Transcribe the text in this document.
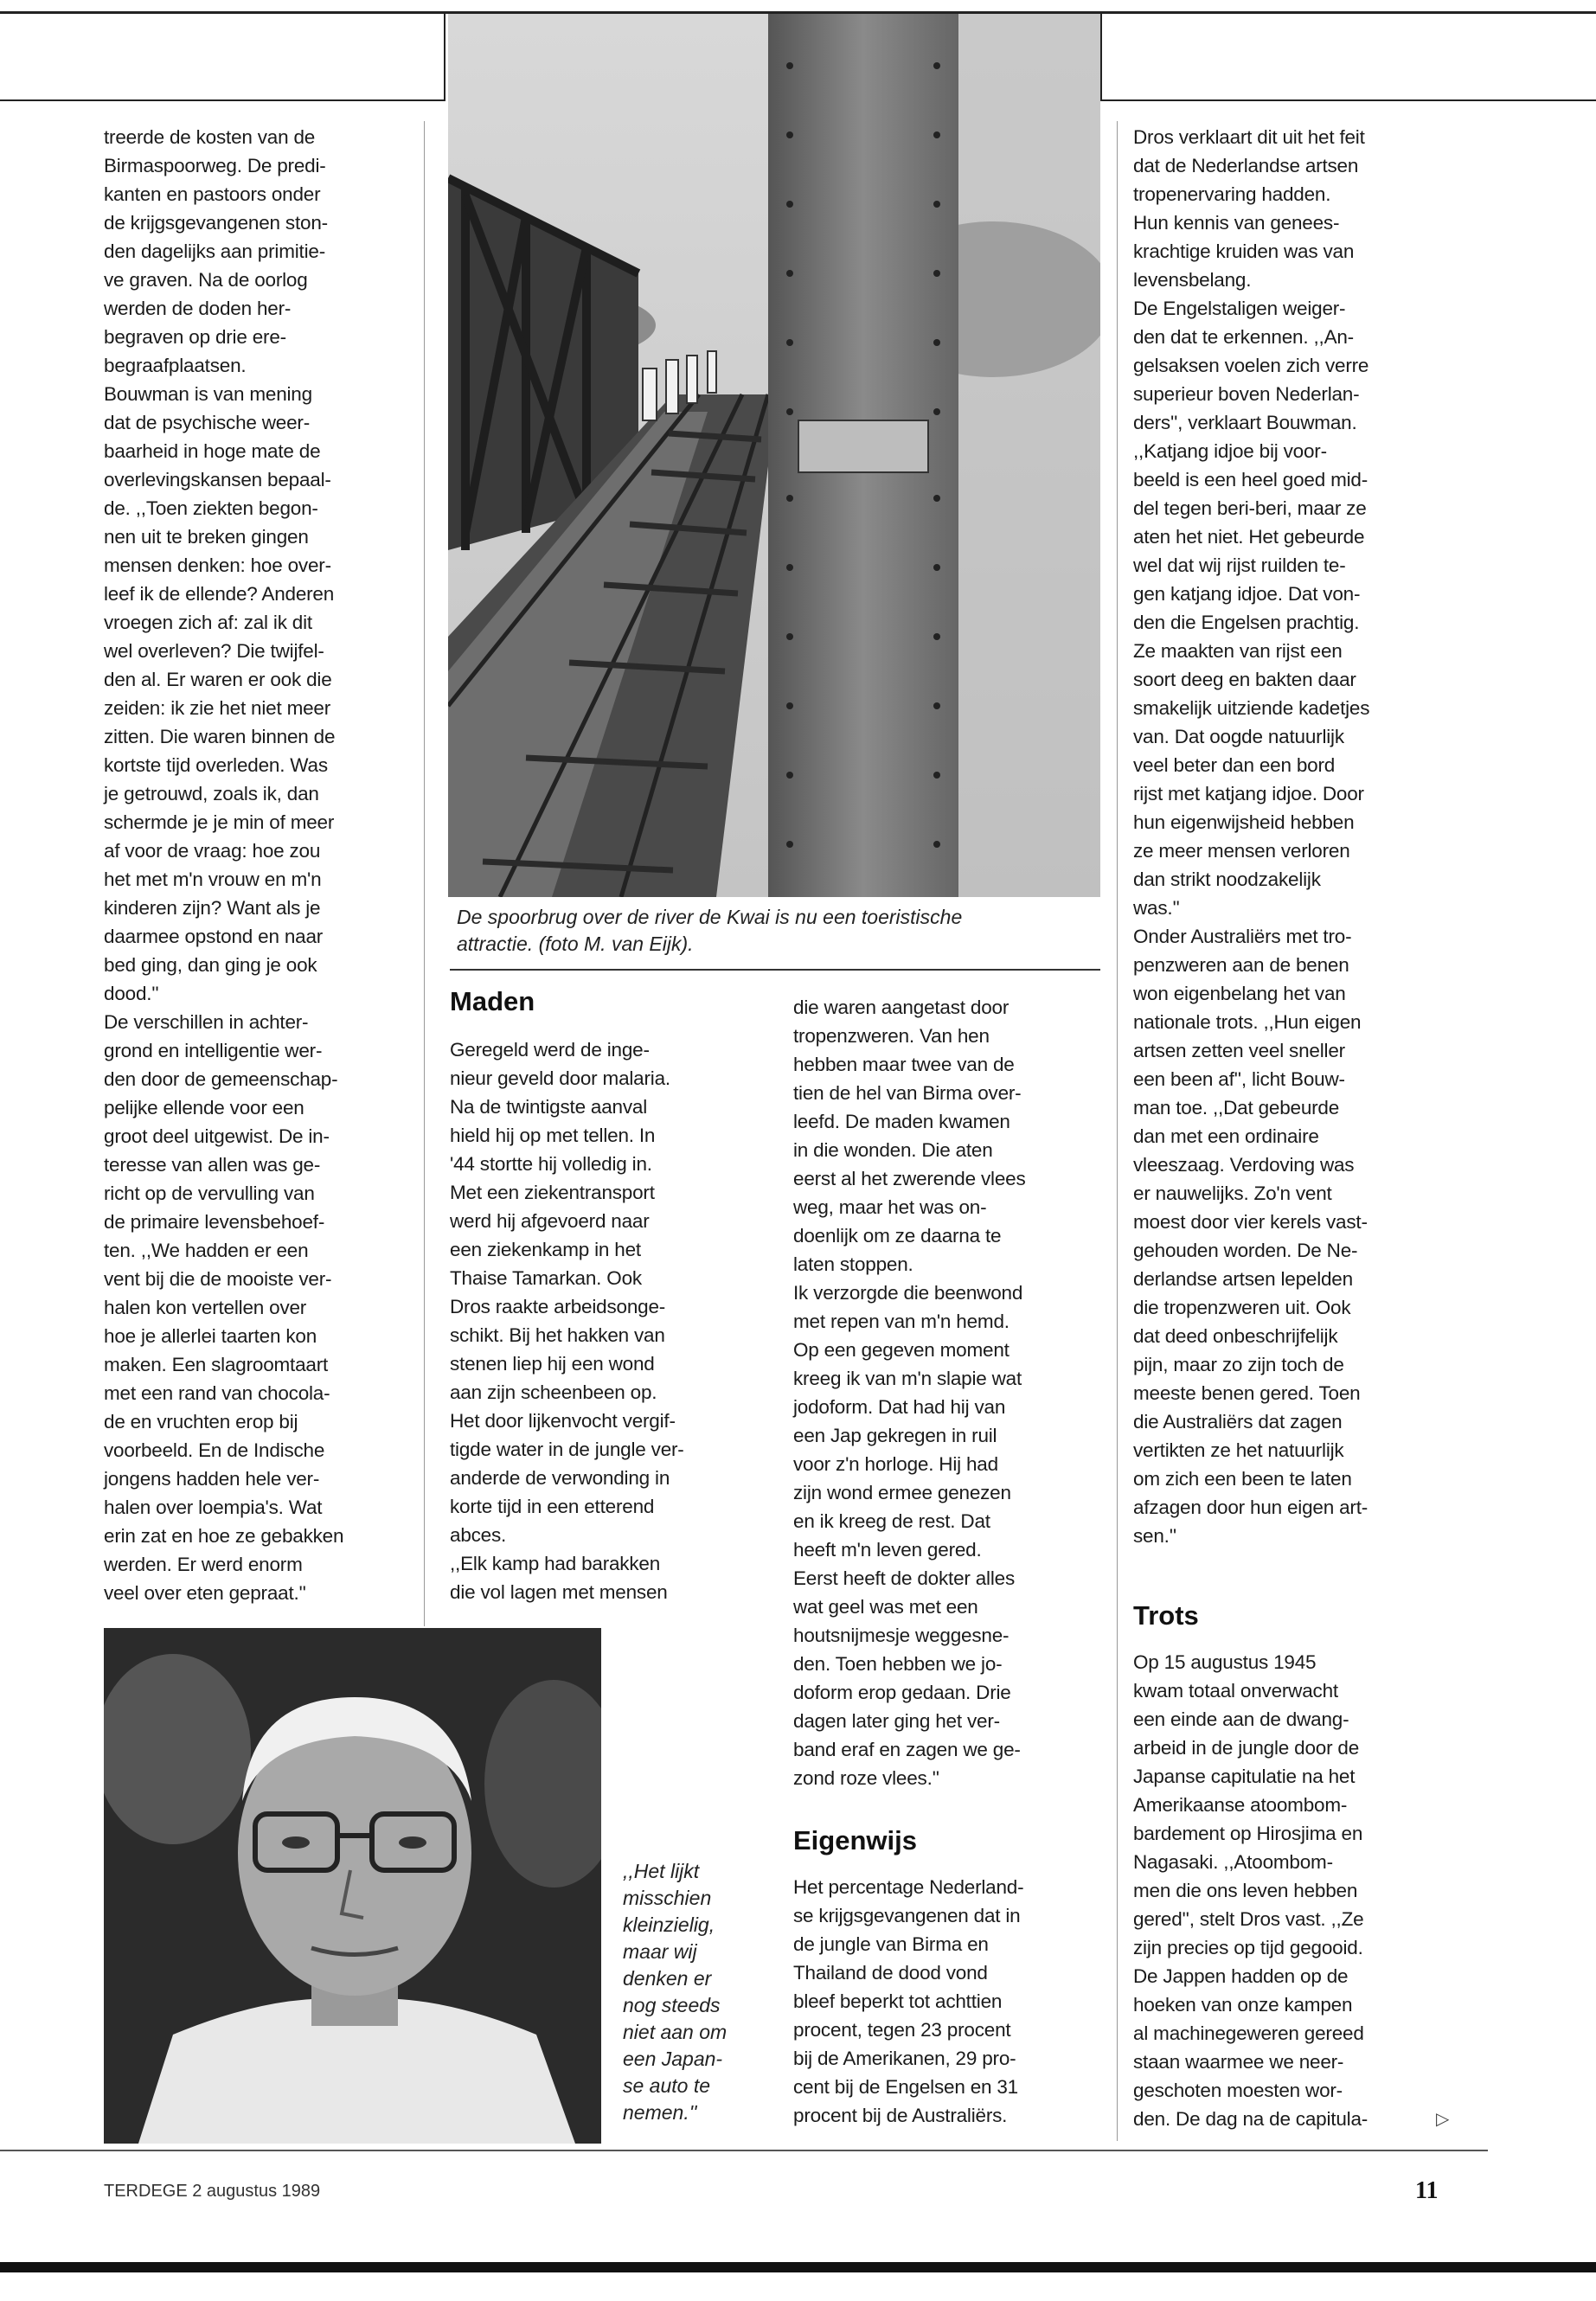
De spoorbrug over de river de Kwai is nu een toeristische
attractie. (foto M. van Eijk).
treerde de kosten van de
Birmaspoorweg. De predi-
kanten en pastoors onder
de krijgsgevangenen ston-
den dagelijks aan primitie-
ve graven. Na de oorlog
werden de doden her-
begraven op drie ere-
begraafplaatsen.
Bouwman is van mening
dat de psychische weer-
baarheid in hoge mate de
overlevingskansen bepaal-
de. ,,Toen ziekten begon-
nen uit te breken gingen
mensen denken: hoe over-
leef ik de ellende? Anderen
vroegen zich af: zal ik dit
wel overleven? Die twijfel-
den al. Er waren er ook die
zeiden: ik zie het niet meer
zitten. Die waren binnen de
kortste tijd overleden. Was
je getrouwd, zoals ik, dan
schermde je je min of meer
af voor de vraag: hoe zou
het met m'n vrouw en m'n
kinderen zijn? Want als je
daarmee opstond en naar
bed ging, dan ging je ook
dood.''
De verschillen in achter-
grond en intelligentie wer-
den door de gemeenschap-
pelijke ellende voor een
groot deel uitgewist. De in-
teresse van allen was ge-
richt op de vervulling van
de primaire levensbehoef-
ten. ,,We hadden er een
vent bij die de mooiste ver-
halen kon vertellen over
hoe je allerlei taarten kon
maken. Een slagroomtaart
met een rand van chocola-
de en vruchten erop bij
voorbeeld. En de Indische
jongens hadden hele ver-
halen over loempia's. Wat
erin zat en hoe ze gebakken
werden. Er werd enorm
veel over eten gepraat.''
Maden
Geregeld werd de inge-
nieur geveld door malaria.
Na de twintigste aanval
hield hij op met tellen. In
'44 stortte hij volledig in.
Met een ziekentransport
werd hij afgevoerd naar
een ziekenkamp in het
Thaise Tamarkan. Ook
Dros raakte arbeidsonge-
schikt. Bij het hakken van
stenen liep hij een wond
aan zijn scheenbeen op.
Het door lijkenvocht vergif-
tigde water in de jungle ver-
anderde de verwonding in
korte tijd in een etterend
abces.
,,Elk kamp had barakken
die vol lagen met mensen
die waren aangetast door
tropenzweren. Van hen
hebben maar twee van de
tien de hel van Birma over-
leefd. De maden kwamen
in die wonden. Die aten
eerst al het zwerende vlees
weg, maar het was on-
doenlijk om ze daarna te
laten stoppen.
Ik verzorgde die beenwond
met repen van m'n hemd.
Op een gegeven moment
kreeg ik van m'n slapie wat
jodoform. Dat had hij van
een Jap gekregen in ruil
voor z'n horloge. Hij had
zijn wond ermee genezen
en ik kreeg de rest. Dat
heeft m'n leven gered.
Eerst heeft de dokter alles
wat geel was met een
houtsnijmesje weggesne-
den. Toen hebben we jo-
doform erop gedaan. Drie
dagen later ging het ver-
band eraf en zagen we ge-
zond roze vlees.''
Eigenwijs
Het percentage Nederland-
se krijgsgevangenen dat in
de jungle van Birma en
Thailand de dood vond
bleef beperkt tot achttien
procent, tegen 23 procent
bij de Amerikanen, 29 pro-
cent bij de Engelsen en 31
procent bij de Australiërs.
Dros verklaart dit uit het feit
dat de Nederlandse artsen
tropenervaring hadden.
Hun kennis van genees-
krachtige kruiden was van
levensbelang.
De Engelstaligen weiger-
den dat te erkennen. ,,An-
gelsaksen voelen zich verre
superieur boven Nederlan-
ders'', verklaart Bouwman.
,,Katjang idjoe bij voor-
beeld is een heel goed mid-
del tegen beri-beri, maar ze
aten het niet. Het gebeurde
wel dat wij rijst ruilden te-
gen katjang idjoe. Dat von-
den die Engelsen prachtig.
Ze maakten van rijst een
soort deeg en bakten daar
smakelijk uitziende kadetjes
van. Dat oogde natuurlijk
veel beter dan een bord
rijst met katjang idjoe. Door
hun eigenwijsheid hebben
ze meer mensen verloren
dan strikt noodzakelijk
was.''
Onder Australiërs met tro-
penzweren aan de benen
won eigenbelang het van
nationale trots. ,,Hun eigen
artsen zetten veel sneller
een been af'', licht Bouw-
man toe. ,,Dat gebeurde
dan met een ordinaire
vleeszaag. Verdoving was
er nauwelijks. Zo'n vent
moest door vier kerels vast-
gehouden worden. De Ne-
derlandse artsen lepelden
die tropenzweren uit. Ook
dat deed onbeschrijfelijk
pijn, maar zo zijn toch de
meeste benen gered. Toen
die Australiërs dat zagen
vertikten ze het natuurlijk
om zich een been te laten
afzagen door hun eigen art-
sen.''
Trots
Op 15 augustus 1945
kwam totaal onverwacht
een einde aan de dwang-
arbeid in de jungle door de
Japanse capitulatie na het
Amerikaanse atoombom-
bardement op Hirosjima en
Nagasaki. ,,Atoombom-
men die ons leven hebben
gered'', stelt Dros vast. ,,Ze
zijn precies op tijd gegooid.
De Jappen hadden op de
hoeken van onze kampen
al machinegeweren gereed
staan waarmee we neer-
geschoten moesten wor-
den. De dag na de capitula-	▷
,,Het lijkt
misschien
kleinzielig,
maar wij
denken er
nog steeds
niet aan om
een Japan-
se auto te
nemen.''
TERDEGE 2 augustus 1989	11
